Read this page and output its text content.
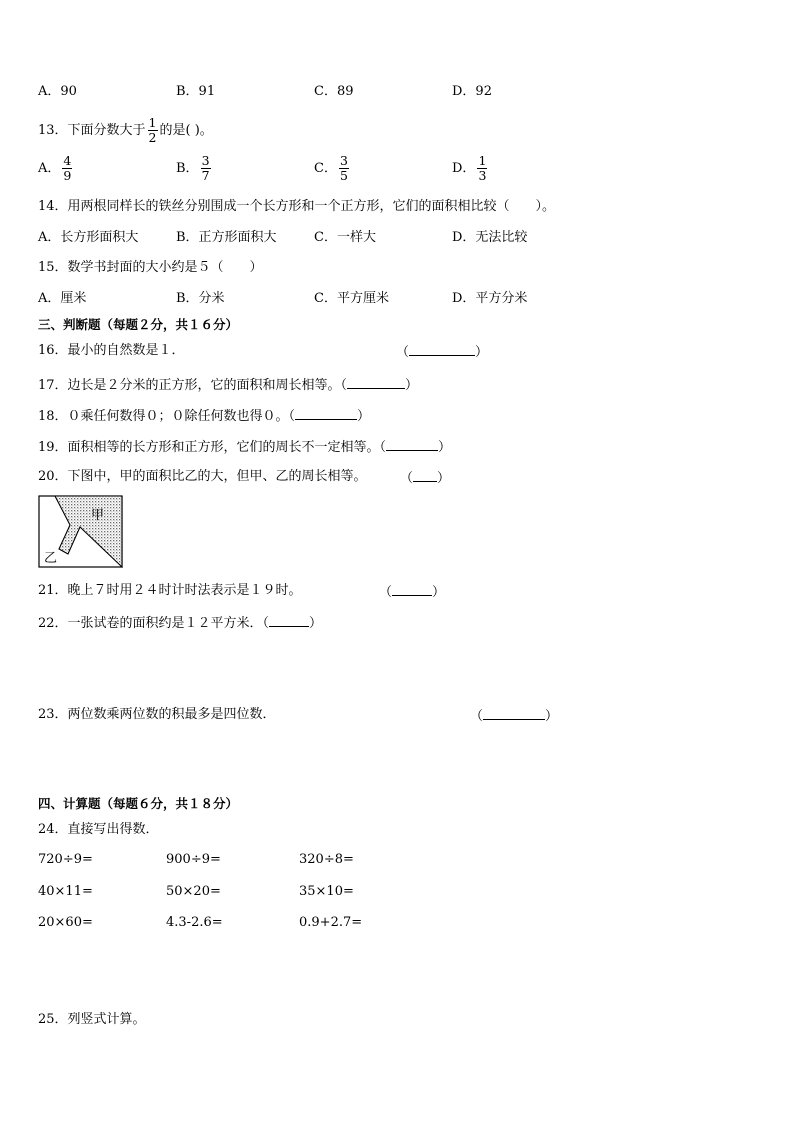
A．90	B．91	C．89	D．92
13．下面分数大于 $\frac{1}{2}$ 的是( )。
A． $\frac{4}{9}$	B． $\frac{3}{7}$	C． $\frac{3}{5}$	D． $\frac{1}{3}$
14．用两根同样长的铁丝分别围成一个长方形和一个正方形，它们的面积相比较（　　）。
A．长方形面积大	B．正方形面积大	C．一样大	D．无法比较
15．数学书封面的大小约是５（　　）
A．厘米	B．分米	C．平方厘米	D．平方分米
三、判断题（每题２分，共１６分）
16．最小的自然数是１．	（	）
17．边长是２分米的正方形，它的面积和周长相等。（	）
18．０乘任何数得０；０除任何数也得０。（	）
19．面积相等的长方形和正方形，它们的周长不一定相等。（	）
20．下图中，甲的面积比乙的大，但甲、乙的周长相等。	（ ）
甲
乙
21．晚上７时用２４时计时法表示是１９时。	（	）
22．一张试卷的面积约是１２平方米．（	）
23．两位数乘两位数的积最多是四位数．	（	）
四、计算题（每题６分，共１８分）
24．直接写出得数．
720÷9=	900÷9=	320÷8=
40×11=	50×20=	35×10=
20×60=	4.3-2.6=	0.9+2.7=
25．列竖式计算。
